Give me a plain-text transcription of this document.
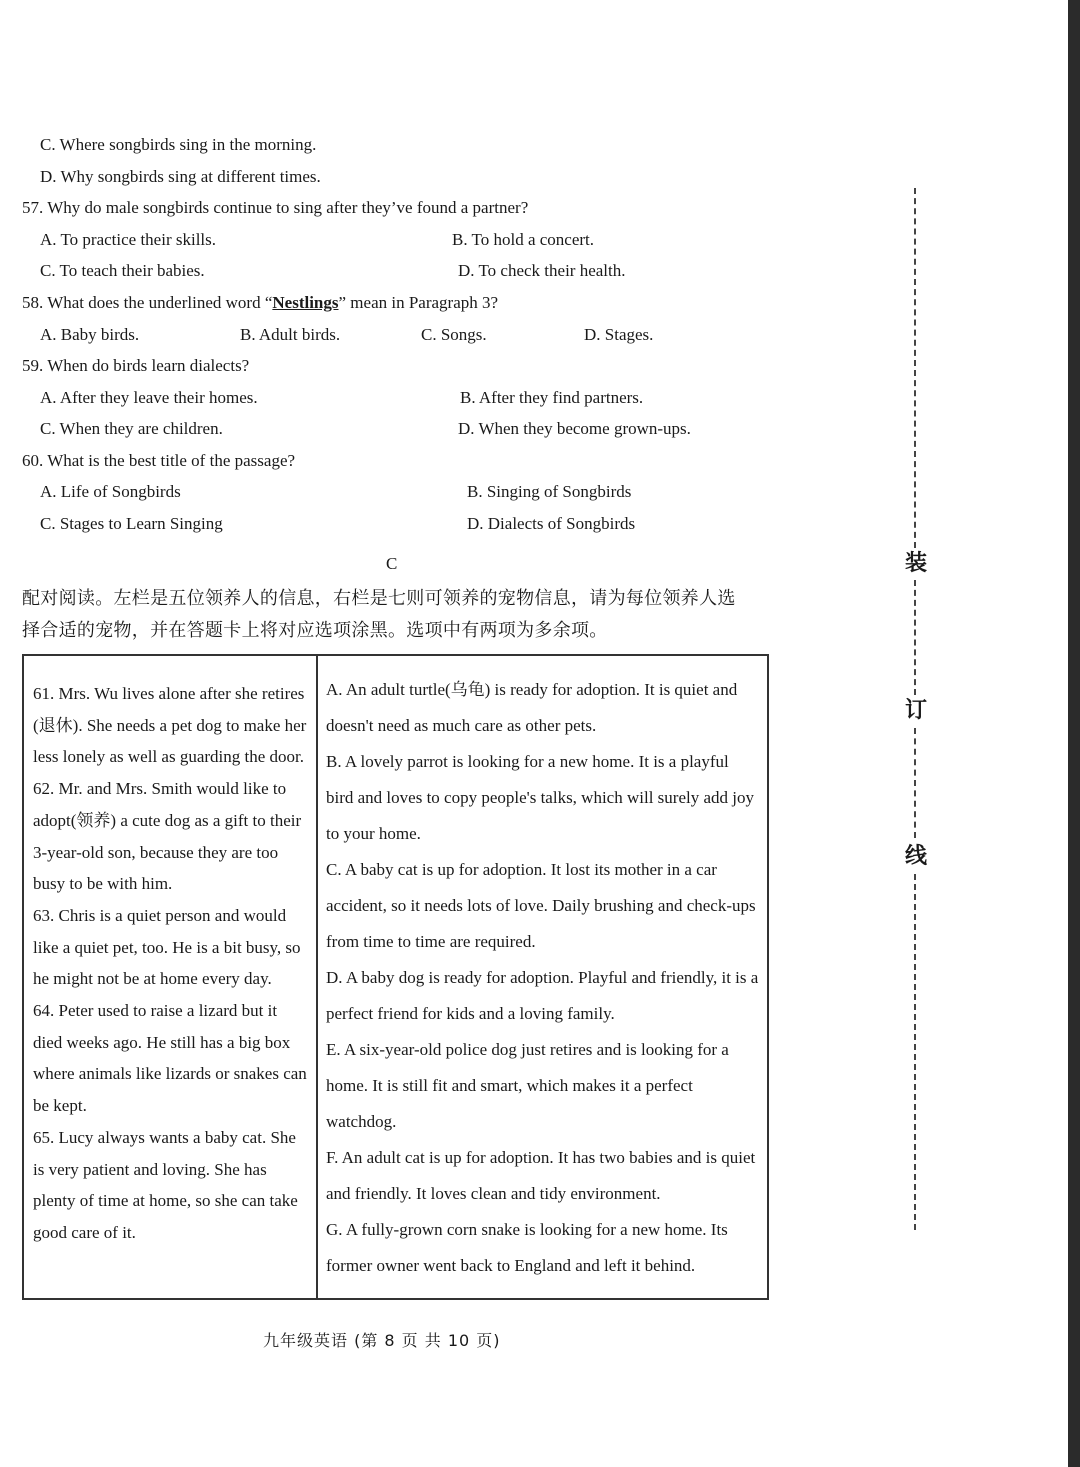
C. Where songbirds sing in the morning.
D. Why songbirds sing at different times.
57. Why do male songbirds continue to sing after they’ve found a partner?
A. To practice their skills.	B. To hold a concert.
C. To teach their babies.	D. To check their health.
58. What does the underlined word “Nestlings” mean in Paragraph 3?
A. Baby birds.	B. Adult birds.	C. Songs.	D. Stages.
59. When do birds learn dialects?
A. After they leave their homes.	B. After they find partners.
C. When they are children.	D. When they become grown-ups.
60. What is the best title of the passage?
A. Life of Songbirds	B. Singing of Songbirds
C. Stages to Learn Singing	D. Dialects of Songbirds
C
配对阅读。左栏是五位领养人的信息，右栏是七则可领养的宠物信息，请为每位领养人选
择合适的宠物，并在答题卡上将对应选项涂黑。选项中有两项为多余项。

61. Mrs. Wu lives alone after she retires (退休). She needs a pet dog to make her less lonely as well as guarding the door.

62. Mr. and Mrs. Smith would like to adopt(领养) a cute dog as a gift to their 3-year-old son, because they are too busy to be with him.

63. Chris is a quiet person and would like a quiet pet, too. He is a bit busy, so he might not be at home every day.

64. Peter used to raise a lizard but it died weeks ago. He still has a big box where animals like lizards or snakes can be kept.

65. Lucy always wants a baby cat. She is very patient and loving. She has plenty of time at home, so she can take good care of it.

A. An adult turtle(乌龟) is ready for adoption. It is quiet and doesn't need as much care as other pets.

B. A lovely parrot is looking for a new home. It is a playful bird and loves to copy people's talks, which will surely add joy to your home.

C. A baby cat is up for adoption. It lost its mother in a car accident, so it needs lots of love. Daily brushing and check-ups from time to time are required.

D. A baby dog is ready for adoption. Playful and friendly, it is a perfect friend for kids and a loving family.

E. A six-year-old police dog just retires and is looking for a home. It is still fit and smart, which makes it a perfect watchdog.

F. An adult cat is up for adoption. It has two babies and is quiet and friendly. It loves clean and tidy environment.

G. A fully-grown corn snake is looking for a new home. Its former owner went back to England and left it behind.

九年级英语 (第 8 页 共 10 页)
装
订
线
